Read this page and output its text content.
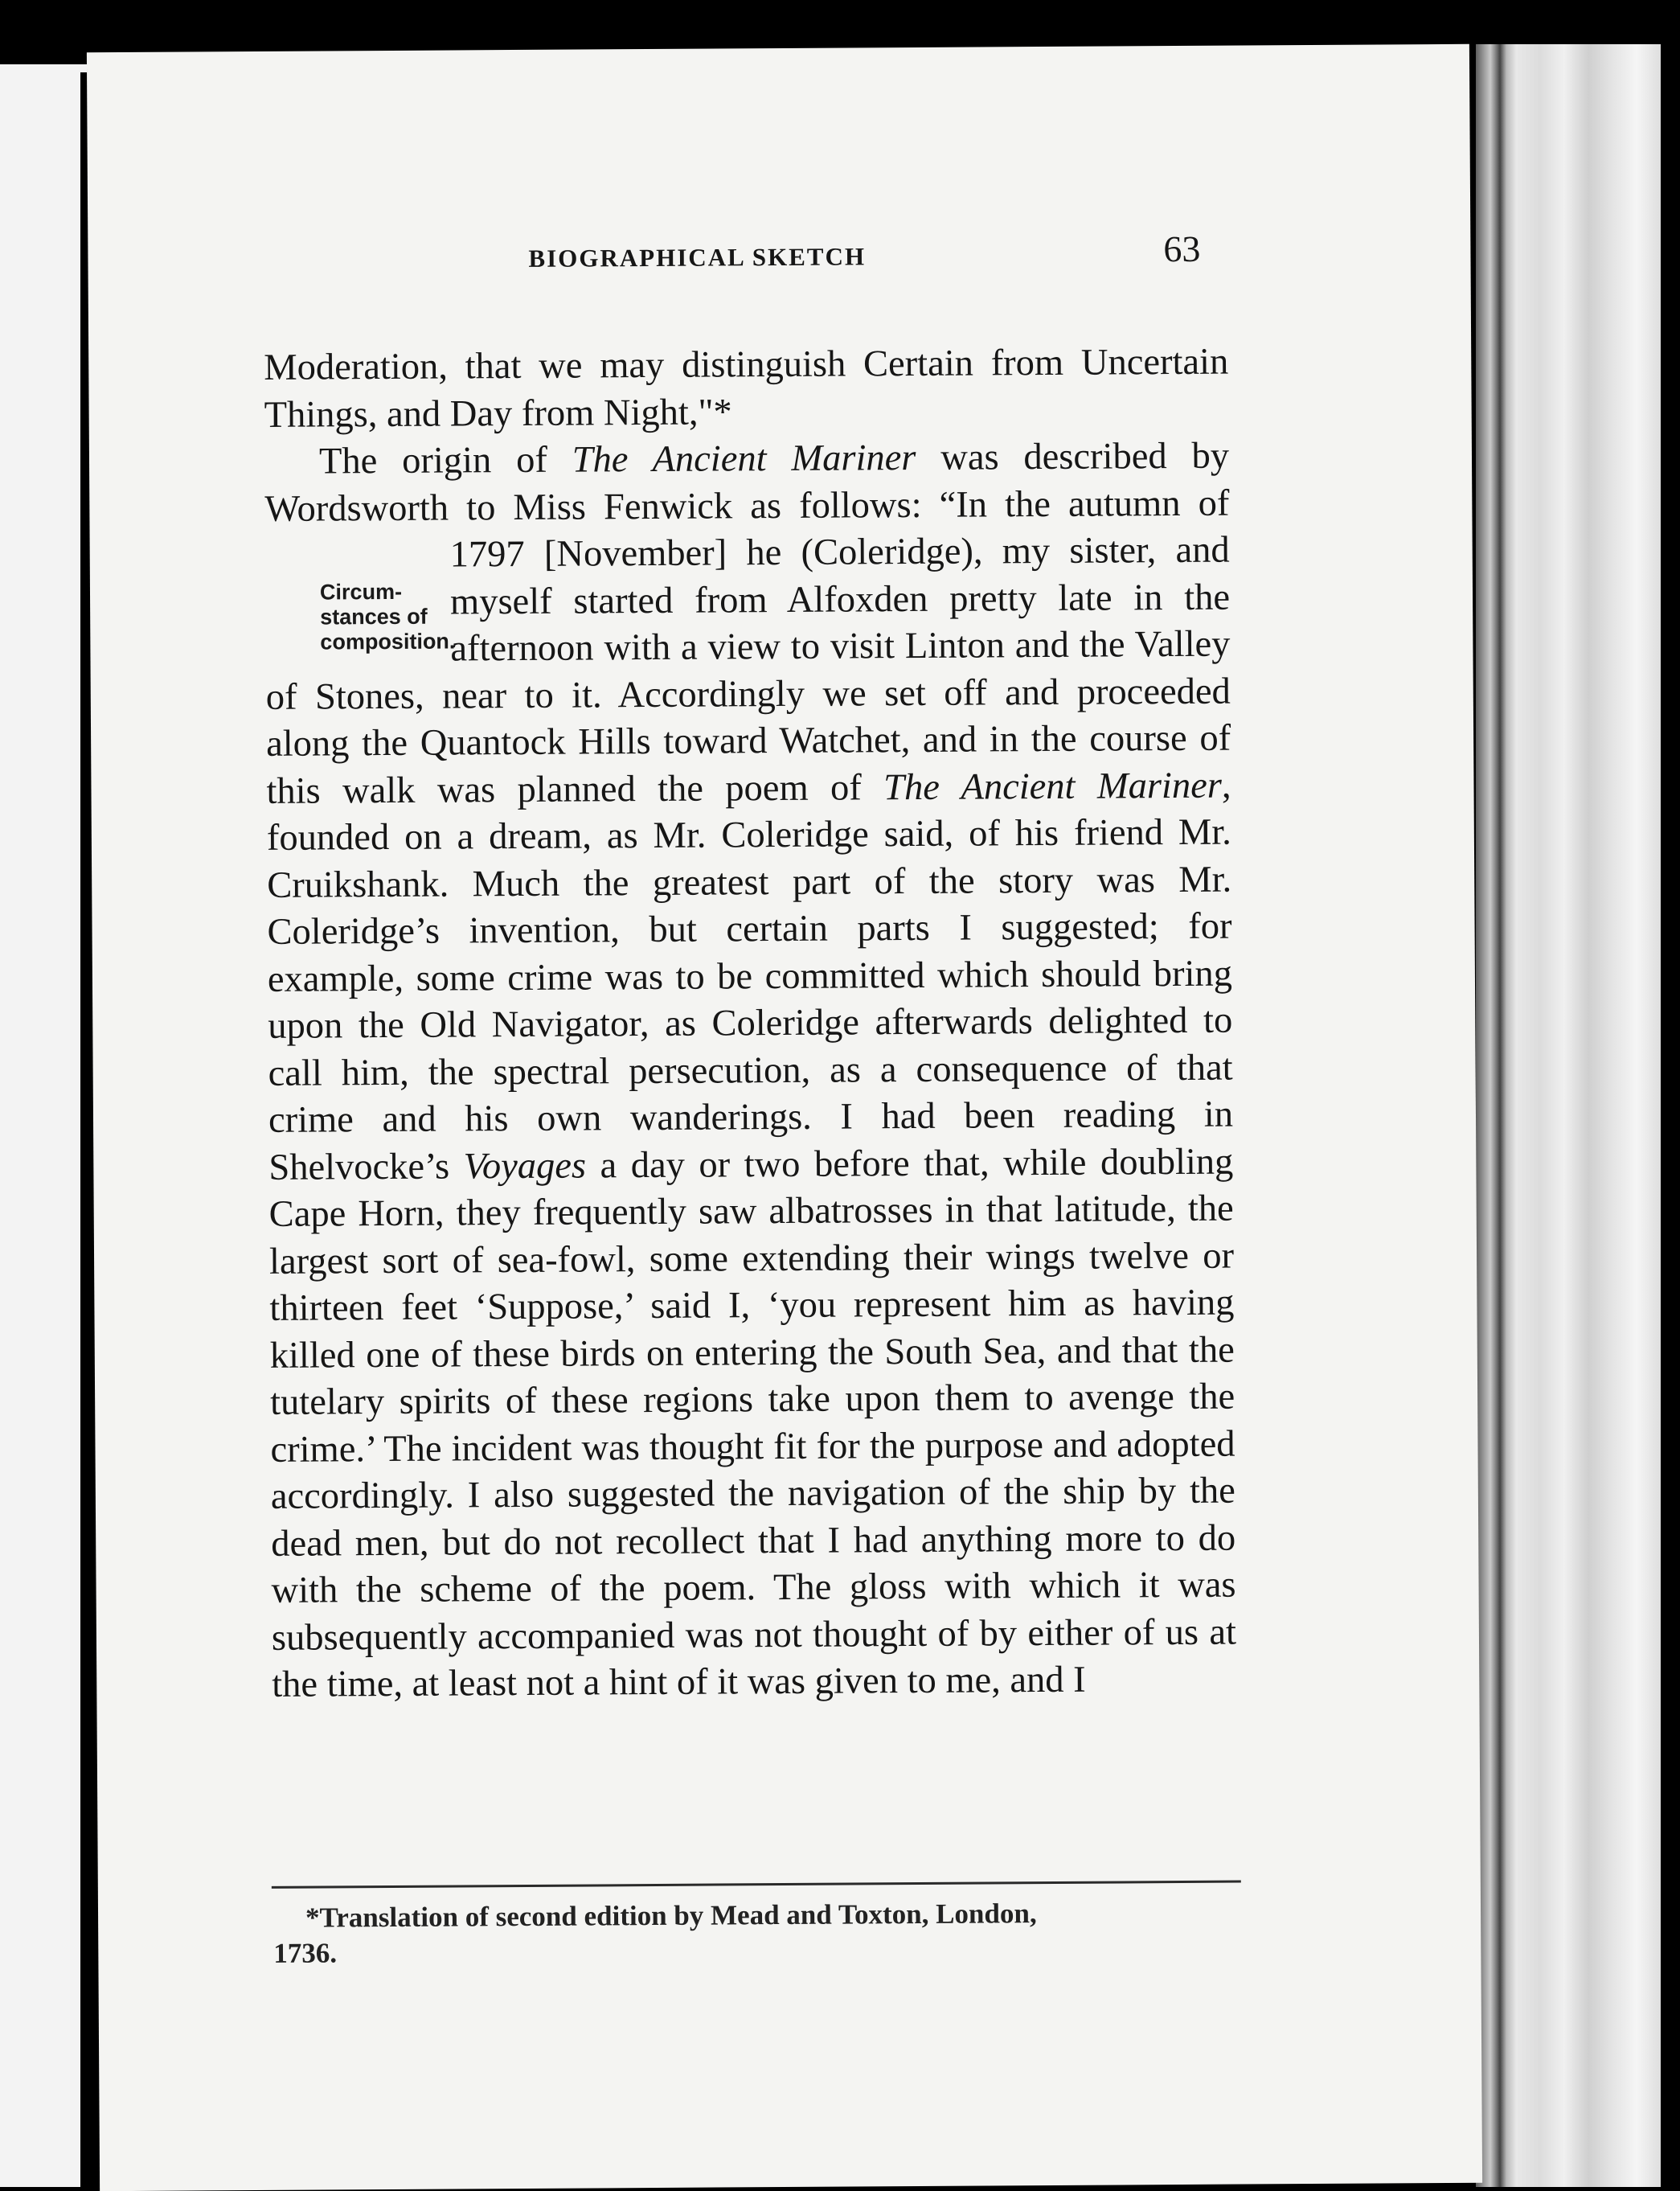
BIOGRAPHICAL SKETCH	63

Moderation, that we may distinguish Certain from Uncertain Things, and Day from Night,"*

Circum-
stances of
composition.
The origin of The Ancient Mariner was described by Wordsworth to Miss Fenwick as follows: “In the autumn of 1797 [November] he (Coleridge), my sister, and myself started from Alfoxden pretty late in the afternoon with a view to visit Linton and the Valley of Stones, near to it. Accordingly we set off and proceeded along the Quantock Hills toward Watchet, and in the course of this walk was planned the poem of The Ancient Mariner, founded on a dream, as Mr. Coleridge said, of his friend Mr. Cruikshank. Much the greatest part of the story was Mr. Coleridge’s invention, but certain parts I suggested; for example, some crime was to be committed which should bring upon the Old Navigator, as Coleridge afterwards delighted to call him, the spectral persecution, as a consequence of that crime and his own wanderings. I had been reading in Shelvocke’s Voyages a day or two before that, while doubling Cape Horn, they frequently saw albatrosses in that latitude, the largest sort of sea-fowl, some extending their wings twelve or thirteen feet ‘Suppose,’ said I, ‘you represent him as having killed one of these birds on entering the South Sea, and that the tutelary spirits of these regions take upon them to avenge the crime.’ The incident was thought fit for the purpose and adopted accordingly. I also suggested the navigation of the ship by the dead men, but do not recollect that I had anything more to do with the scheme of the poem. The gloss with which it was subsequently accompanied was not thought of by either of us at the time, at least not a hint of it was given to me, and I

*Translation of second edition by Mead and Toxton, London,
1736.
